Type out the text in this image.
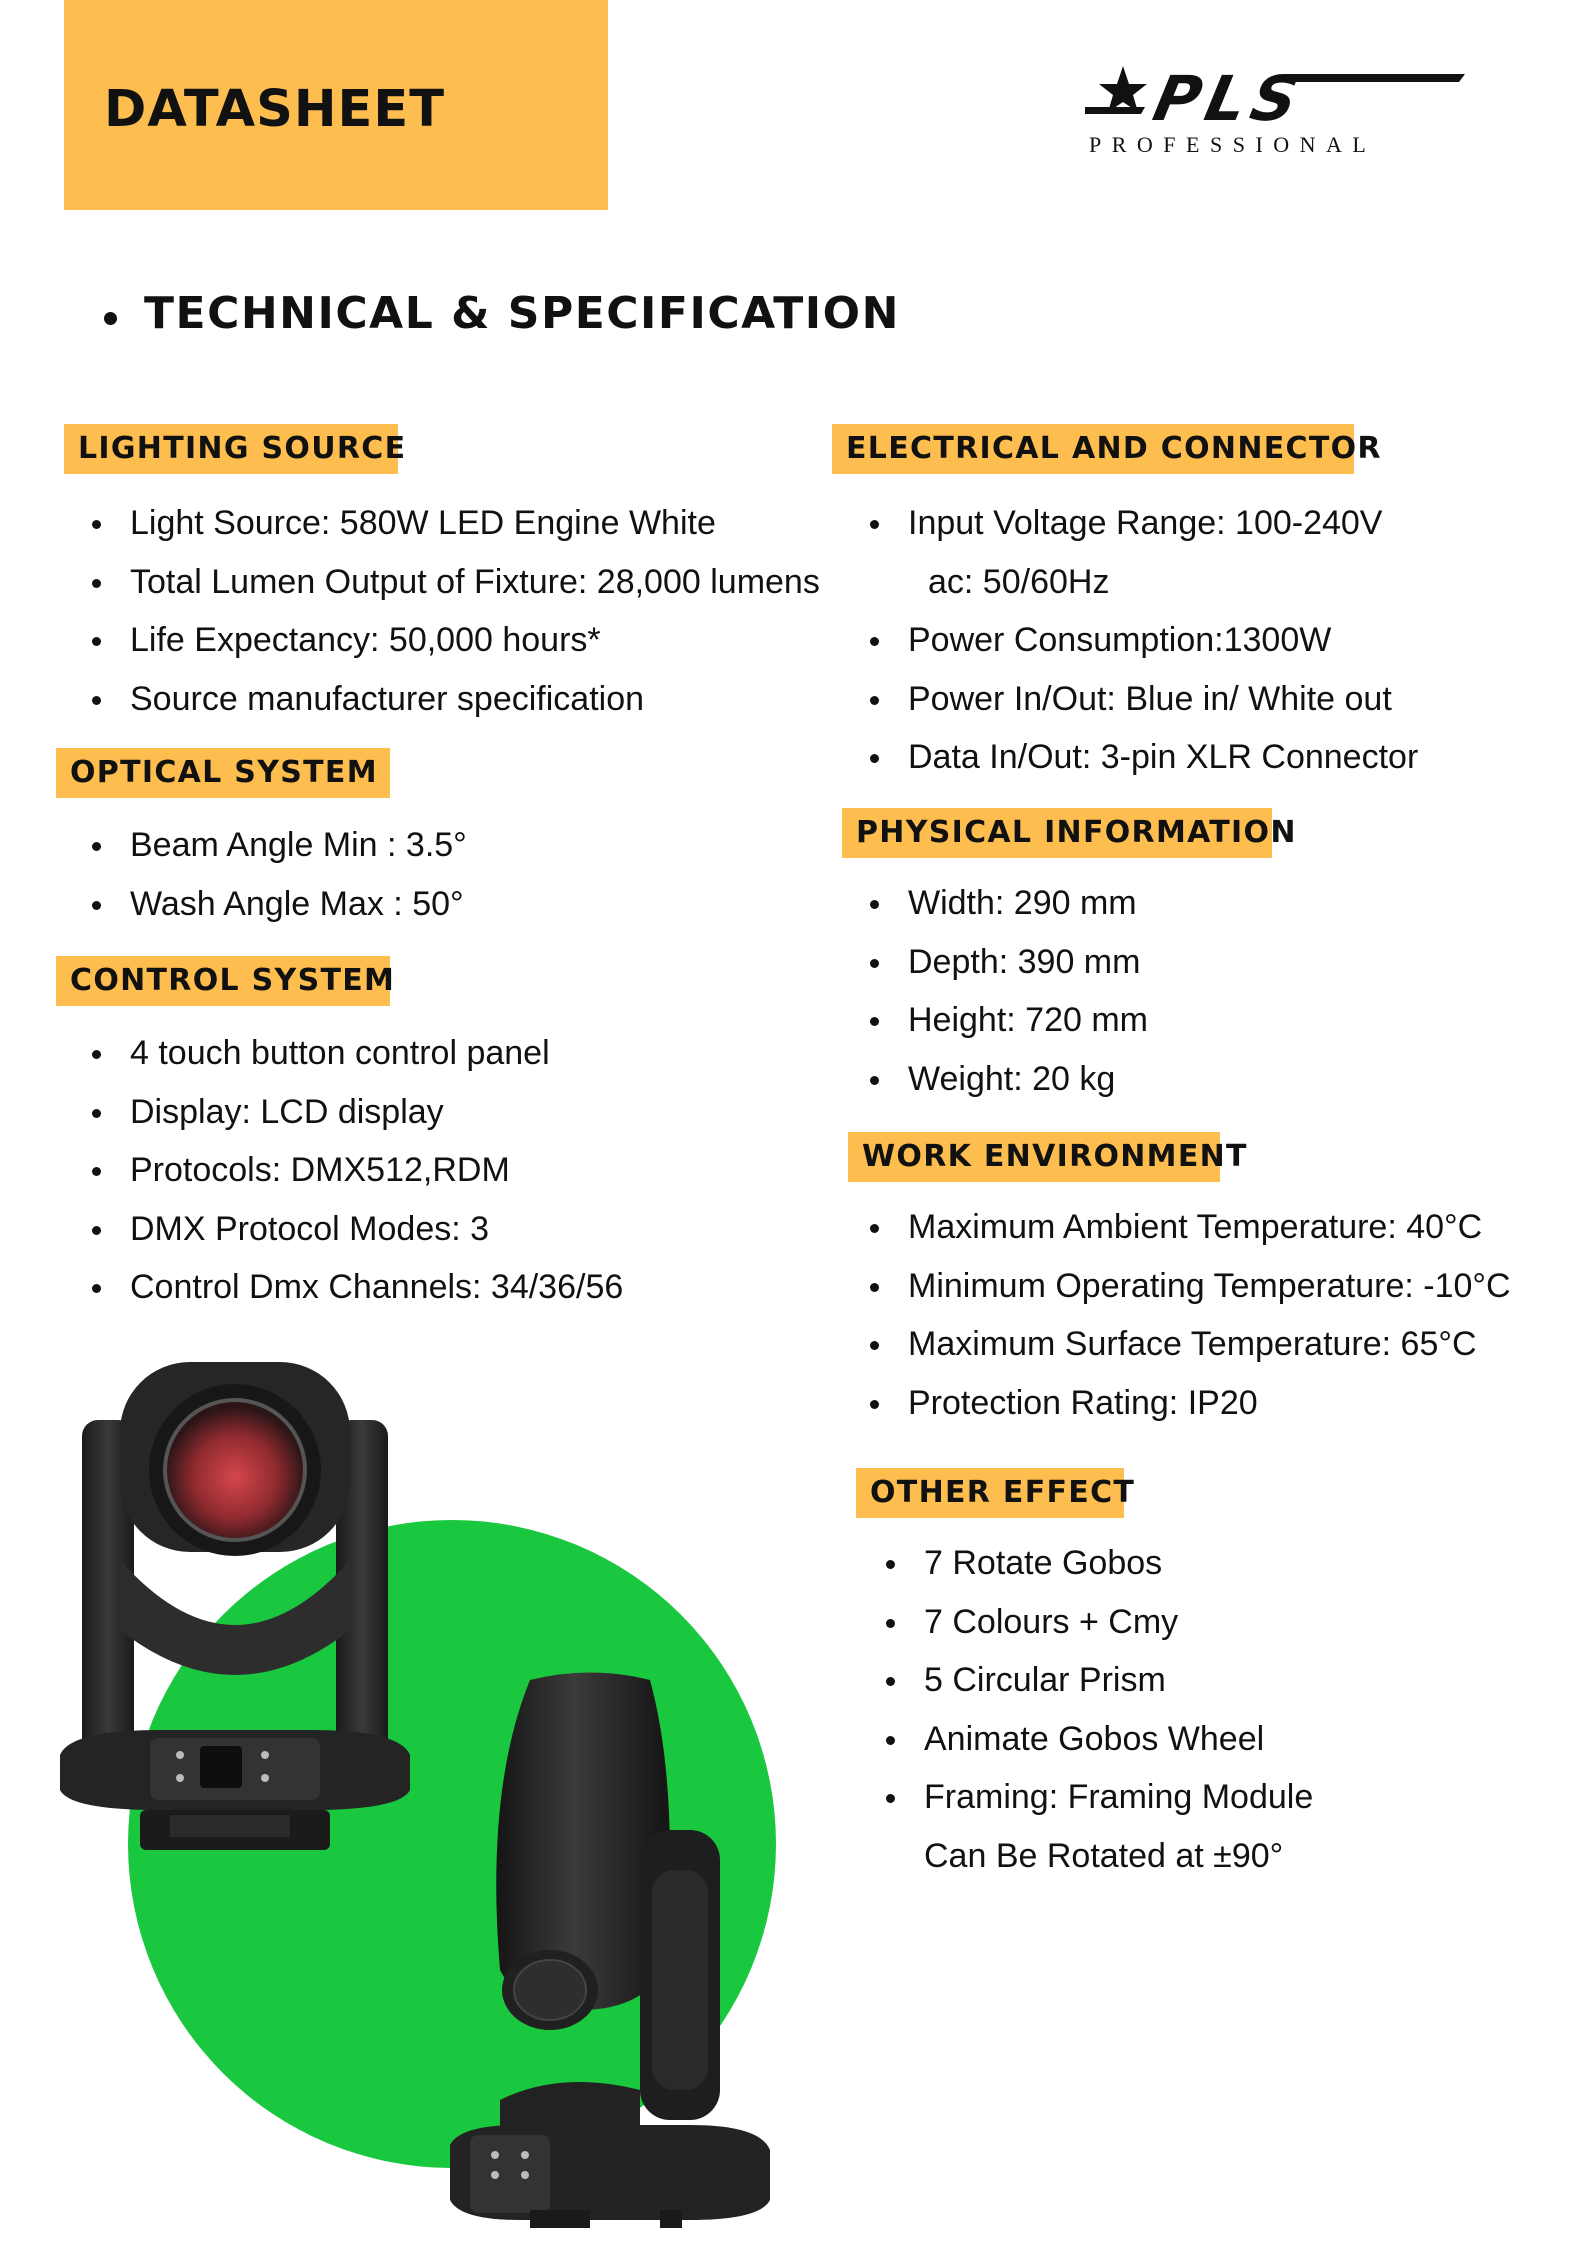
DATASHEET	PLS
PROFESSIONAL
TECHNICAL & SPECIFICATION
LIGHTING SOURCE
Light Source: 580W LED Engine White
Total Lumen Output of Fixture: 28,000 lumens
Life Expectancy: 50,000 hours*
Source manufacturer specification
OPTICAL SYSTEM
Beam Angle Min : 3.5°
Wash Angle Max : 50°
CONTROL SYSTEM
4 touch button control panel
Display: LCD display
Protocols: DMX512,RDM
DMX Protocol Modes: 3
Control Dmx Channels: 34/36/56
ELECTRICAL AND CONNECTOR
Input Voltage Range: 100-240V
ac: 50/60Hz
Power Consumption:1300W
Power In/Out: Blue in/ White out
Data In/Out: 3-pin XLR Connector
PHYSICAL INFORMATION
Width: 290 mm
Depth: 390 mm
Height: 720 mm
Weight: 20 kg
WORK ENVIRONMENT
Maximum Ambient Temperature: 40°C
Minimum Operating Temperature: -10°C
Maximum Surface Temperature: 65°C
Protection Rating: IP20
OTHER EFFECT
7 Rotate Gobos
7 Colours + Cmy
5 Circular Prism
Animate Gobos Wheel
Framing: Framing Module
Can Be Rotated at ±90°
